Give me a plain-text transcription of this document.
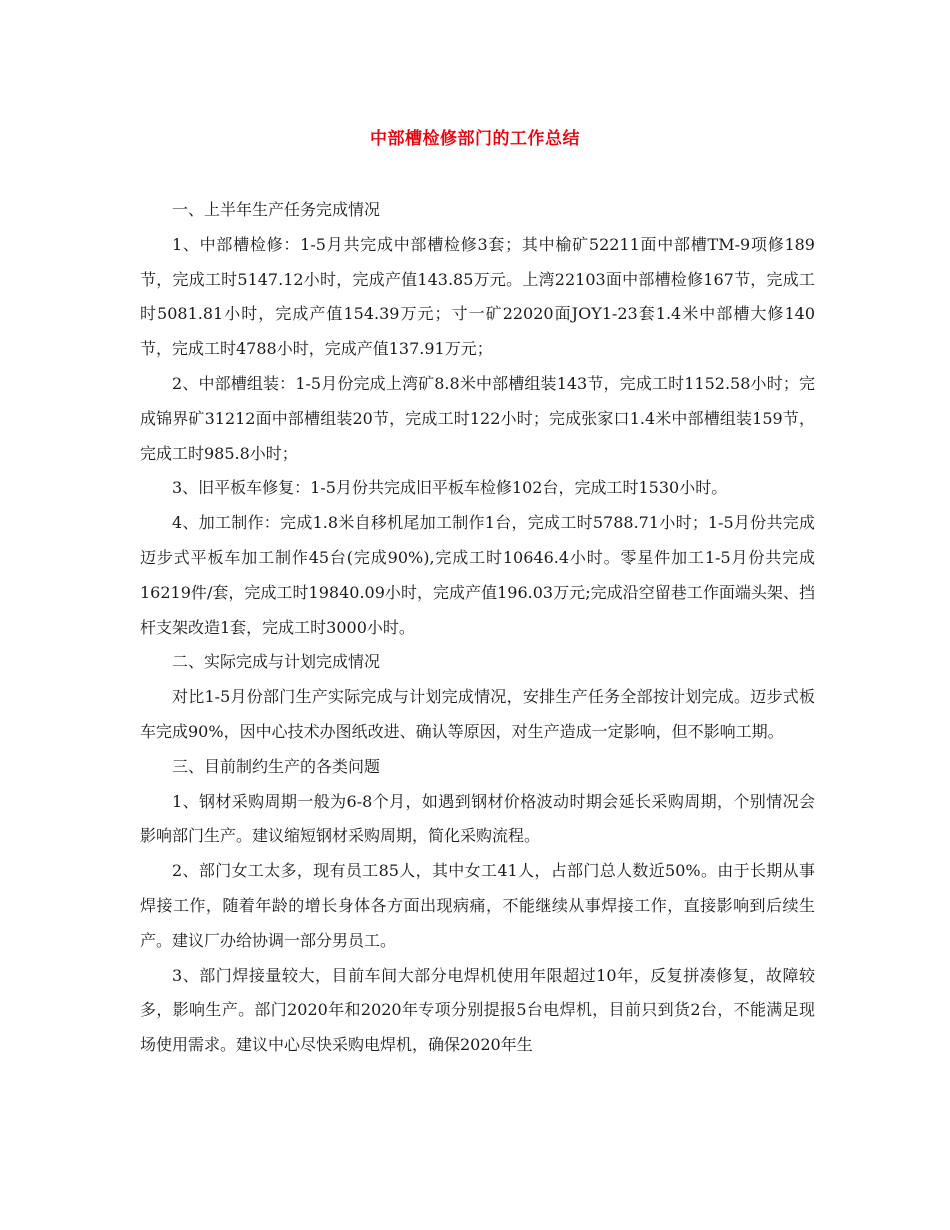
中部槽检修部门的工作总结

一、上半年生产任务完成情况

1、中部槽检修：1-5月共完成中部槽检修3套；其中榆矿52211面中部槽TM-9项修189节，完成工时5147.12小时，完成产值143.85万元。上湾22103面中部槽检修167节，完成工时5081.81小时，完成产值154.39万元；寸一矿22020面JOY1-23套1.4米中部槽大修140节，完成工时4788小时，完成产值137.91万元；

2、中部槽组装：1-5月份完成上湾矿8.8米中部槽组装143节，完成工时1152.58小时；完成锦界矿31212面中部槽组装20节，完成工时122小时；完成张家口1.4米中部槽组装159节，完成工时985.8小时；

3、旧平板车修复：1-5月份共完成旧平板车检修102台，完成工时1530小时。

4、加工制作：完成1.8米自移机尾加工制作1台，完成工时5788.71小时；1-5月份共完成迈步式平板车加工制作45台(完成90%),完成工时10646.4小时。零星件加工1-5月份共完成16219件/套，完成工时19840.09小时，完成产值196.03万元;完成沿空留巷工作面端头架、挡杆支架改造1套，完成工时3000小时。

二、实际完成与计划完成情况

对比1-5月份部门生产实际完成与计划完成情况，安排生产任务全部按计划完成。迈步式板车完成90%，因中心技术办图纸改进、确认等原因，对生产造成一定影响，但不影响工期。

三、目前制约生产的各类问题

1、钢材采购周期一般为6-8个月，如遇到钢材价格波动时期会延长采购周期，个别情况会影响部门生产。建议缩短钢材采购周期，简化采购流程。

2、部门女工太多，现有员工85人，其中女工41人，占部门总人数近50%。由于长期从事焊接工作，随着年龄的增长身体各方面出现病痛，不能继续从事焊接工作，直接影响到后续生产。建议厂办给协调一部分男员工。

3、部门焊接量较大，目前车间大部分电焊机使用年限超过10年，反复拼凑修复，故障较多，影响生产。部门2020年和2020年专项分别提报5台电焊机，目前只到货2台，不能满足现场使用需求。建议中心尽快采购电焊机，确保2020年生
